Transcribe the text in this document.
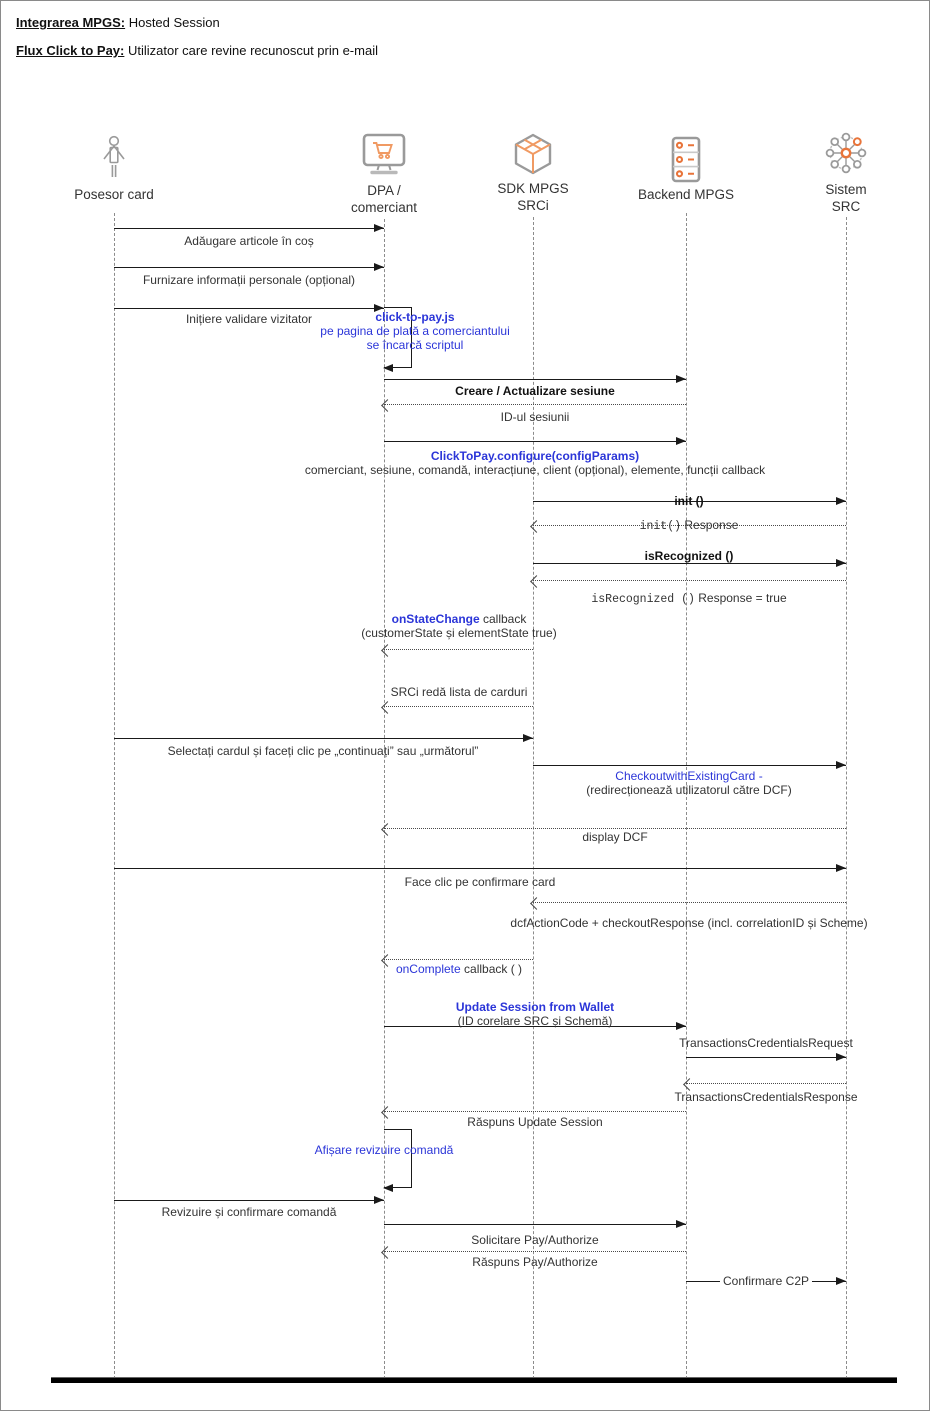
Integrarea MPGS: Hosted Session
Flux Click to Pay: Utilizator care revine recunoscut prin e-mail
Posesor card	DPA /
comerciant
SDK MPGS
SRCi
Backend MPGS	Sistem
SRC
Adăugare articole în coș
Furnizare informații personale (opțional)
Inițiere validare vizitator	click-to-pay.js
pe pagina de plată a comerciantului
se încarcă scriptul
Creare / Actualizare sesiune
ID-ul sesiunii
ClickToPay.configure(configParams)
comerciant, sesiune, comandă, interacțiune, client (opțional), elemente, funcții callback
init ()
init() Response
isRecognized ()
isRecognized () Response = true
onStateChange callback
(customerState și elementState true)
SRCi redă lista de carduri
Selectați cardul și faceți clic pe „continuați” sau „următorul”
CheckoutwithExistingCard -
(redirecționează utilizatorul către DCF)
display DCF
Face clic pe confirmare card
dcfActionCode + checkoutResponse (incl. correlationID și Scheme)
onComplete callback ( )
Update Session from Wallet
(ID corelare SRC și Schemă)
TransactionsCredentialsRequest
TransactionsCredentialsResponse
Răspuns Update Session
Afișare revizuire comandă
Revizuire și confirmare comandă
Solicitare Pay/Authorize
Răspuns Pay/Authorize
Confirmare C2P
